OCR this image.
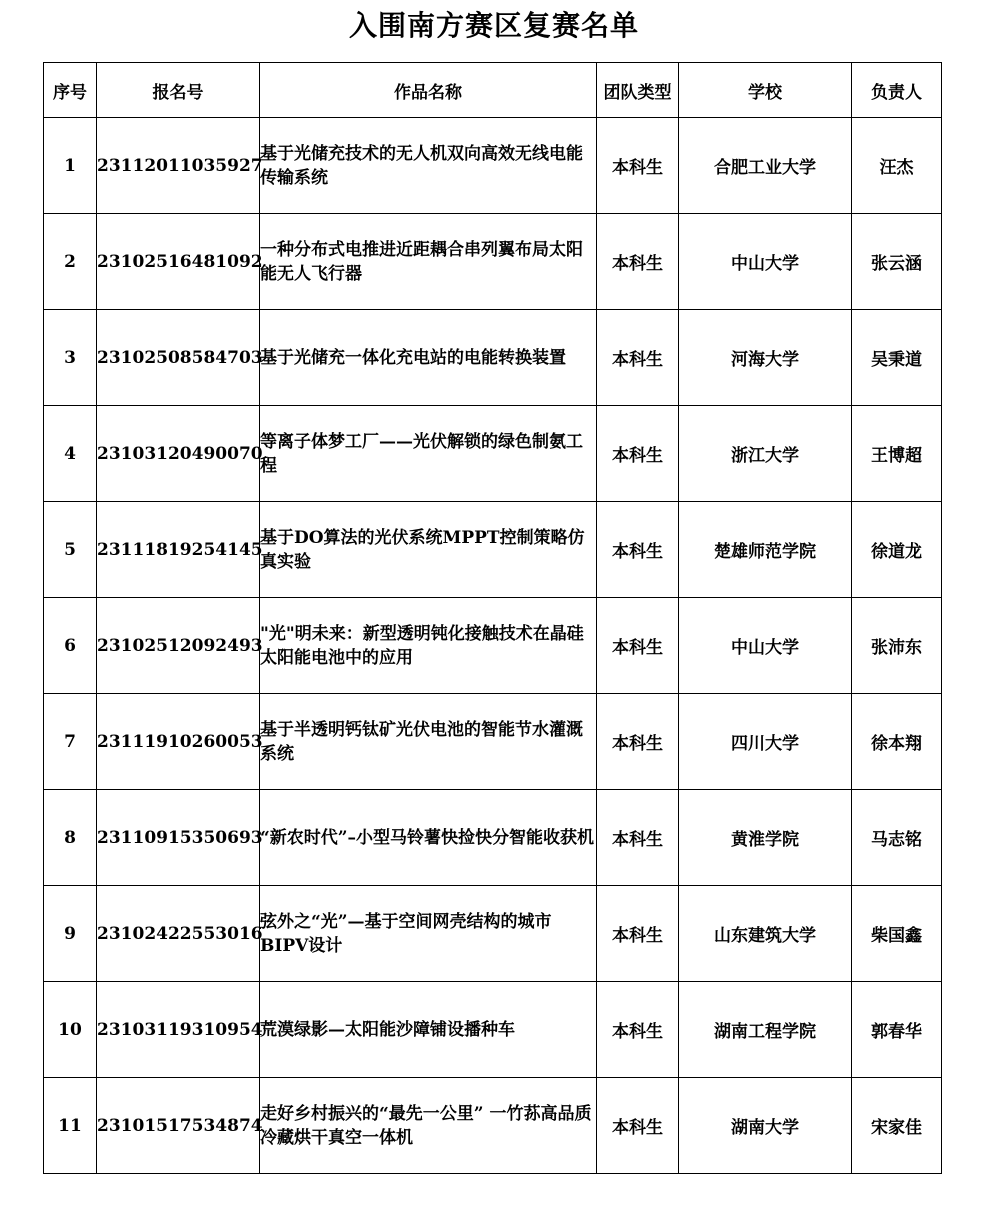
入围南方赛区复赛名单
序号	报名号	作品名称	团队类型	学校	负责人
1	23112011035927	基于光储充技术的无人机双向高效无线电能传输系统	本科生	合肥工业大学	汪杰
2	23102516481092	一种分布式电推进近距耦合串列翼布局太阳能无人飞行器	本科生	中山大学	张云涵
3	23102508584703	基于光储充一体化充电站的电能转换装置	本科生	河海大学	吴秉道
4	23103120490070	等离子体梦工厂——光伏解锁的绿色制氨工程	本科生	浙江大学	王博超
5	23111819254145	基于DO算法的光伏系统MPPT控制策略仿真实验	本科生	楚雄师范学院	徐道龙
6	23102512092493	"光"明未来：新型透明钝化接触技术在晶硅太阳能电池中的应用	本科生	中山大学	张沛东
7	23111910260053	基于半透明钙钛矿光伏电池的智能节水灌溉系统	本科生	四川大学	徐本翔
8	23110915350693	“新农时代”–小型马铃薯快捡快分智能收获机	本科生	黄淮学院	马志铭
9	23102422553016	弦外之“光”—基于空间网壳结构的城市BIPV设计	本科生	山东建筑大学	柴国鑫
10	23103119310954	荒漠绿影—太阳能沙障铺设播种车	本科生	湖南工程学院	郭春华
11	23101517534874	走好乡村振兴的“最先一公里” 一竹荪高品质冷藏烘干真空一体机	本科生	湖南大学	宋家佳
